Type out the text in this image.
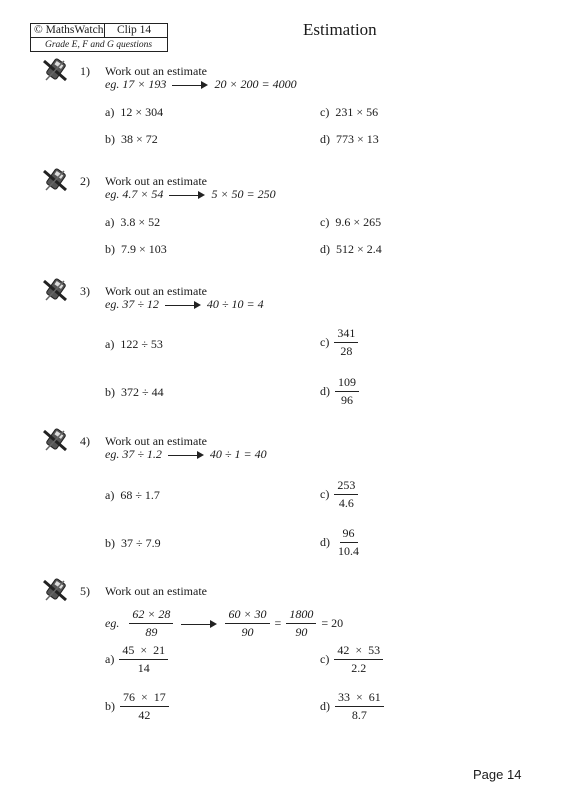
© MathsWatch	Clip 14
Grade E, F and G questions
Estimation
1) Work out an estimate
eg. 17 × 193	20 × 200 = 4000
a) 12 × 304
b) 38 × 72
c) 231 × 56
d) 773 × 13
2) Work out an estimate
eg. 4.7 × 54	5 × 50 = 250
a) 3.8 × 52
b) 7.9 × 103
c) 9.6 × 265
d) 512 × 2.4
3) Work out an estimate
eg. 37 ÷ 12	40 ÷ 10 = 4
a) 122 ÷ 53
b) 372 ÷ 44
$c) \frac{341}{28}$
$d) \frac{109}{96}$
4) Work out an estimate
eg. 37 ÷ 1.2	40 ÷ 1 = 40
a) 68 ÷ 1.7
b) 37 ÷ 7.9
$c) \frac{253}{4.6}$
$d) \frac{96}{10.4}$
5) Work out an estimate
eg. $\frac{62 \times 28}{89}$	$\frac{60 \times 30}{90} = \frac{1800}{90} = 20$
$a) \frac{45 \times 21}{14}$
$b) \frac{76 \times 17}{42}$
$c) \frac{42 \times 53}{2.2}$
$d) \frac{33 \times 61}{8.7}$
Page 14
